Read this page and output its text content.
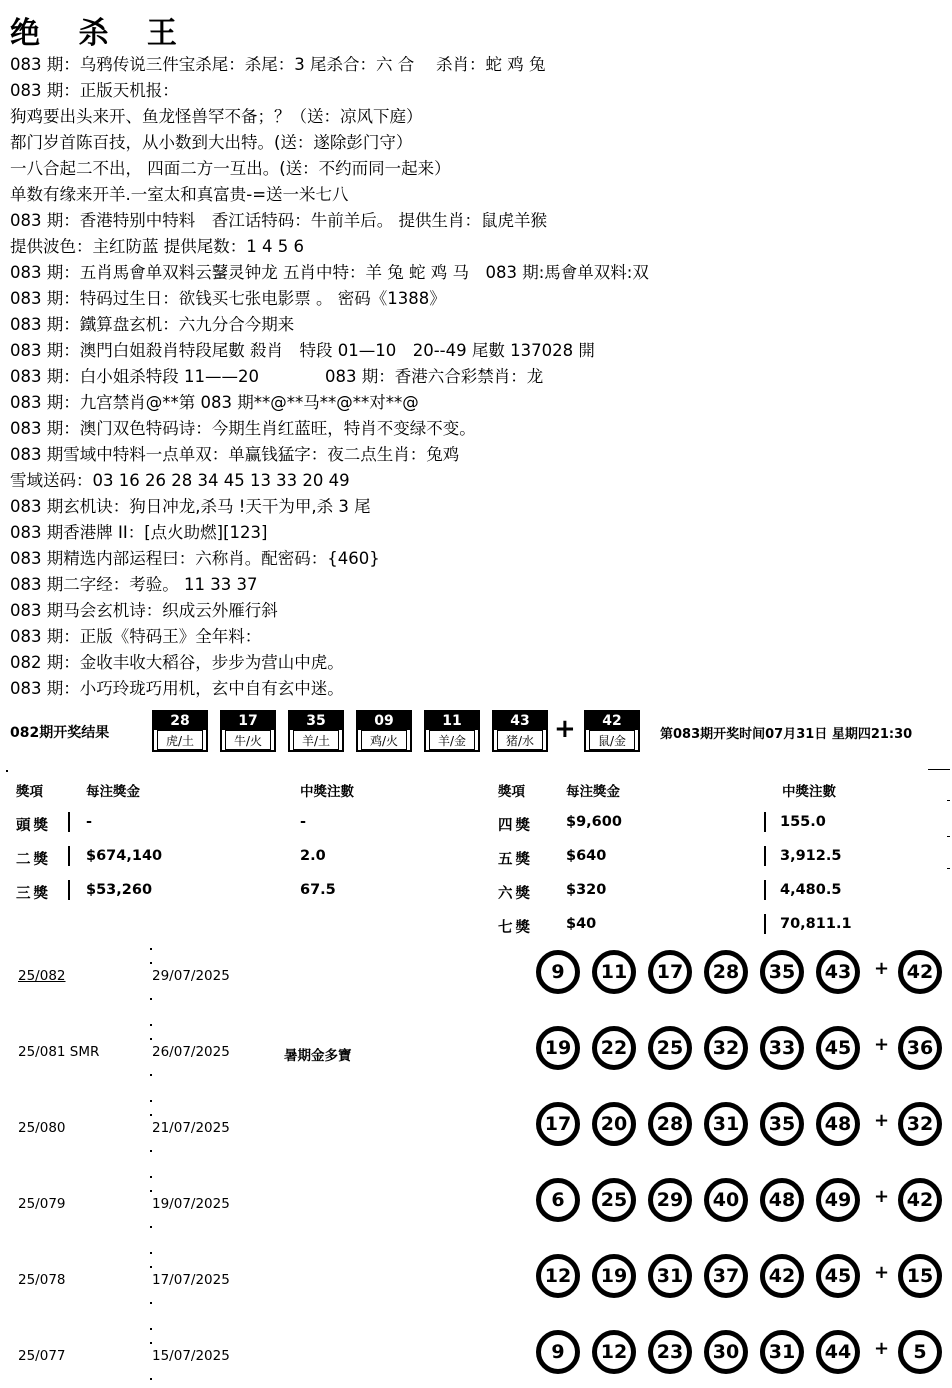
绝 杀 王
083 期：乌鸦传说三件宝杀尾：杀尾：3 尾杀合：六 合　 杀肖：蛇 鸡 兔
083 期：正版天机报：
狗鸡要出头来开、鱼龙怪兽罕不备；？（送：凉风下庭）
都门岁首陈百技，从小数到大出特。(送：遂除彭门守）
一八合起二不出， 四面二方一互出。(送：不约而同一起来）
单数有缘来开羊.一室太和真富贵-=送一米七八
083 期：香港特别中特料　香江话特码：牛前羊后。 提供生肖：鼠虎羊猴
提供波色：主红防蓝 提供尾数：1 4 5 6
083 期：五肖馬會单双料云鼜灵钟龙 五肖中特：羊 兔 蛇 鸡 马　083 期:馬會单双料:双
083 期：特码过生日：欲钱买七张电影票 。 密码《1388》
083 期：鐵算盘玄机：六九分合今期来
083 期：澳門白姐殺肖特段尾數 殺肖　特段 01—10　20--49 尾數 137028 開
083 期：白小姐杀特段 11——20　　　　083 期：香港六合彩禁肖：龙
083 期：九宫禁肖@**第 083 期**@**马**@**对**@
083 期：澳门双色特码诗：今期生肖红蓝旺，特肖不变绿不变。
083 期雪域中特料一点单双：单赢钱猛字：夜二点生肖：兔鸡
雪域送码：03 16 26 28 34 45 13 33 20 49
083 期玄机诀：狗日冲龙,杀马 !天干为甲,杀 3 尾
083 期香港牌 II：[点火助燃][123]
083 期精选内部运程曰：六称肖。配密码：{460}
083 期二字经：考验。 11 33 37
083 期马会玄机诗：织成云外雁行斜
083 期：正版《特码王》全年料：
082 期：金收丰收大稻谷，步步为营山中虎。
083 期：小巧玲珑巧用机，玄中自有玄中迷。
082期开奖结果
28
虎/土
17
牛/火
35
羊/土
09
鸡/火
11
羊/金
43
猪/水 +	42
鼠/金	第083期开奖时间07月31日 星期四21:30
獎項	每注獎金	中獎注數	獎項	每注獎金	中獎注數
頭獎 -	-
二獎 $674,140	2.0
三獎 $53,260	67.5
四獎 $9,600	155.0
五獎 $640	3,912.5
六獎 $320	4,480.5
七獎 $40	70,811.1
25/082	29/07/2025	9	11	17	28	35	43	+ 42
25/081 SMR	26/07/2025	暑期金多寶	19	22	25	32	33	45	+ 36
25/080	21/07/2025	17	20	28	31	35	48	+ 32
25/079	19/07/2025	6	25	29	40	48	49	+ 42
25/078	17/07/2025	12	19	31	37	42	45	+ 15
25/077	15/07/2025	9	12	23	30	31	44	+	5
